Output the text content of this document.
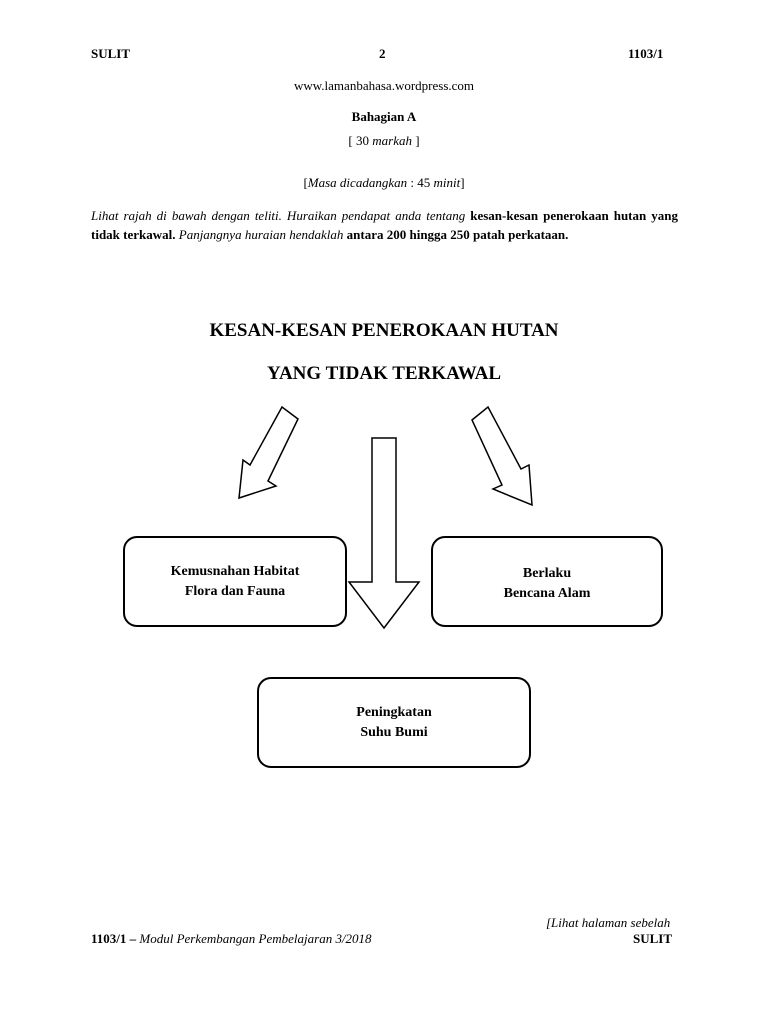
SULIT	2	1103/1
www.lamanbahasa.wordpress.com
Bahagian A
[ 30 markah ]
[Masa dicadangkan : 45 minit]
Lihat rajah di bawah dengan teliti. Huraikan pendapat anda tentang kesan-kesan penerokaan hutan yang tidak terkawal. Panjangnya huraian hendaklah antara 200 hingga 250 patah perkataan.
KESAN-KESAN PENEROKAAN HUTAN
YANG TIDAK TERKAWAL
Kemusnahan Habitat
Flora dan Fauna
Berlaku
Bencana Alam
Peningkatan
Suhu Bumi
[Lihat halaman sebelah
1103/1 – Modul Perkembangan Pembelajaran 3/2018	SULIT
